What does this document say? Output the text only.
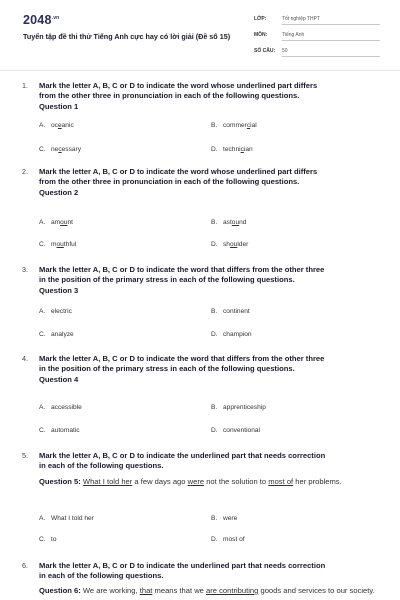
$2048^{.vn}$
Tuyển tập đề thi thử Tiếng Anh cực hay có lời giải (Đề số 15)
LỚP:	Tốt nghiệp THPT
MÔN:	Tiếng Anh
SỐ CÂU: 50
1. Mark the letter A, B, C or D to indicate the word whose underlined part differs
from the other three in pronunciation in each of the following questions.
Question 1
A. oceanic	B. commercial
C. necessary	D. technician
2. Mark the letter A, B, C or D to indicate the word whose underlined part differs
from the other three in pronunciation in each of the following questions.
Question 2
A. amount	B. astound
C. mouthful	D. shoulder
3. Mark the letter A, B, C or D to indicate the word that differs from the other three
in the position of the primary stress in each of the following questions.
Question 3
A. electric	B. continent
C. analyze	D. champion
4. Mark the letter A, B, C or D to indicate the word that differs from the other three
in the position of the primary stress in each of the following questions.
Question 4
A. accessible	B. apprenticeship
C. automatic	D. conventional
5. Mark the letter A, B, C or D to indicate the underlined part that needs correction
in each of the following questions.
Question 5: What I told her a few days ago were not the solution to most of her problems.
A. What I told her	B. were
C. to	D. most of
6. Mark the letter A, B, C or D to indicate the underlined part that needs correction
in each of the following questions.
Question 6: We are working, that means that we are contributing goods and services to our society.
